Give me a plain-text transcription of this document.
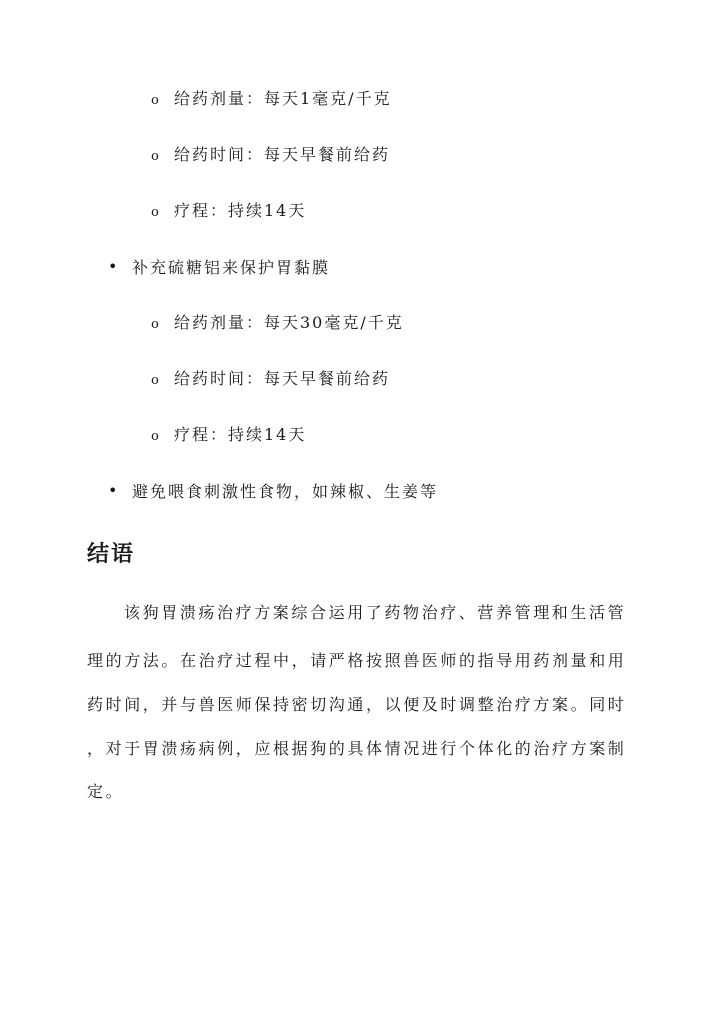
o 给药剂量：每天1毫克/千克
o 给药时间：每天早餐前给药
o 疗程：持续14天
• 补充硫糖铝来保护胃黏膜
o 给药剂量：每天30毫克/千克
o 给药时间：每天早餐前给药
o 疗程：持续14天
• 避免喂食刺激性食物，如辣椒、生姜等
结语
该狗胃溃疡治疗方案综合运用了药物治疗、营养管理和生活管
理的方法。在治疗过程中，请严格按照兽医师的指导用药剂量和用
药时间，并与兽医师保持密切沟通，以便及时调整治疗方案。同时
，对于胃溃疡病例，应根据狗的具体情况进行个体化的治疗方案制
定。
